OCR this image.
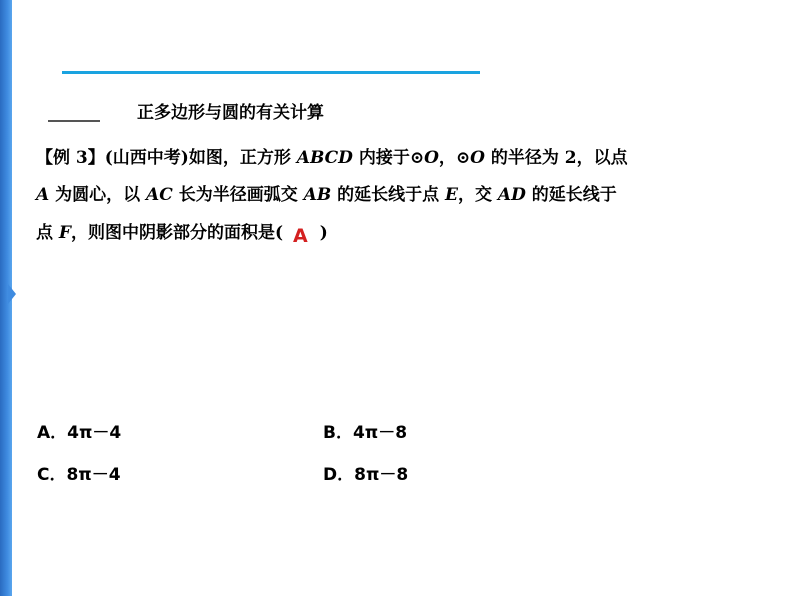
正多边形与圆的有关计算
【例 3】(山西中考)如图，正方形 ABCD 内接于⊙O，⊙O 的半径为 2，以点
A 为圆心，以 AC 长为半径画弧交 AB 的延长线于点 E，交 AD 的延长线于
点 F，则图中阴影部分的面积是( A )
A．4π－4	B．4π－8
C．8π－4	D．8π－8
